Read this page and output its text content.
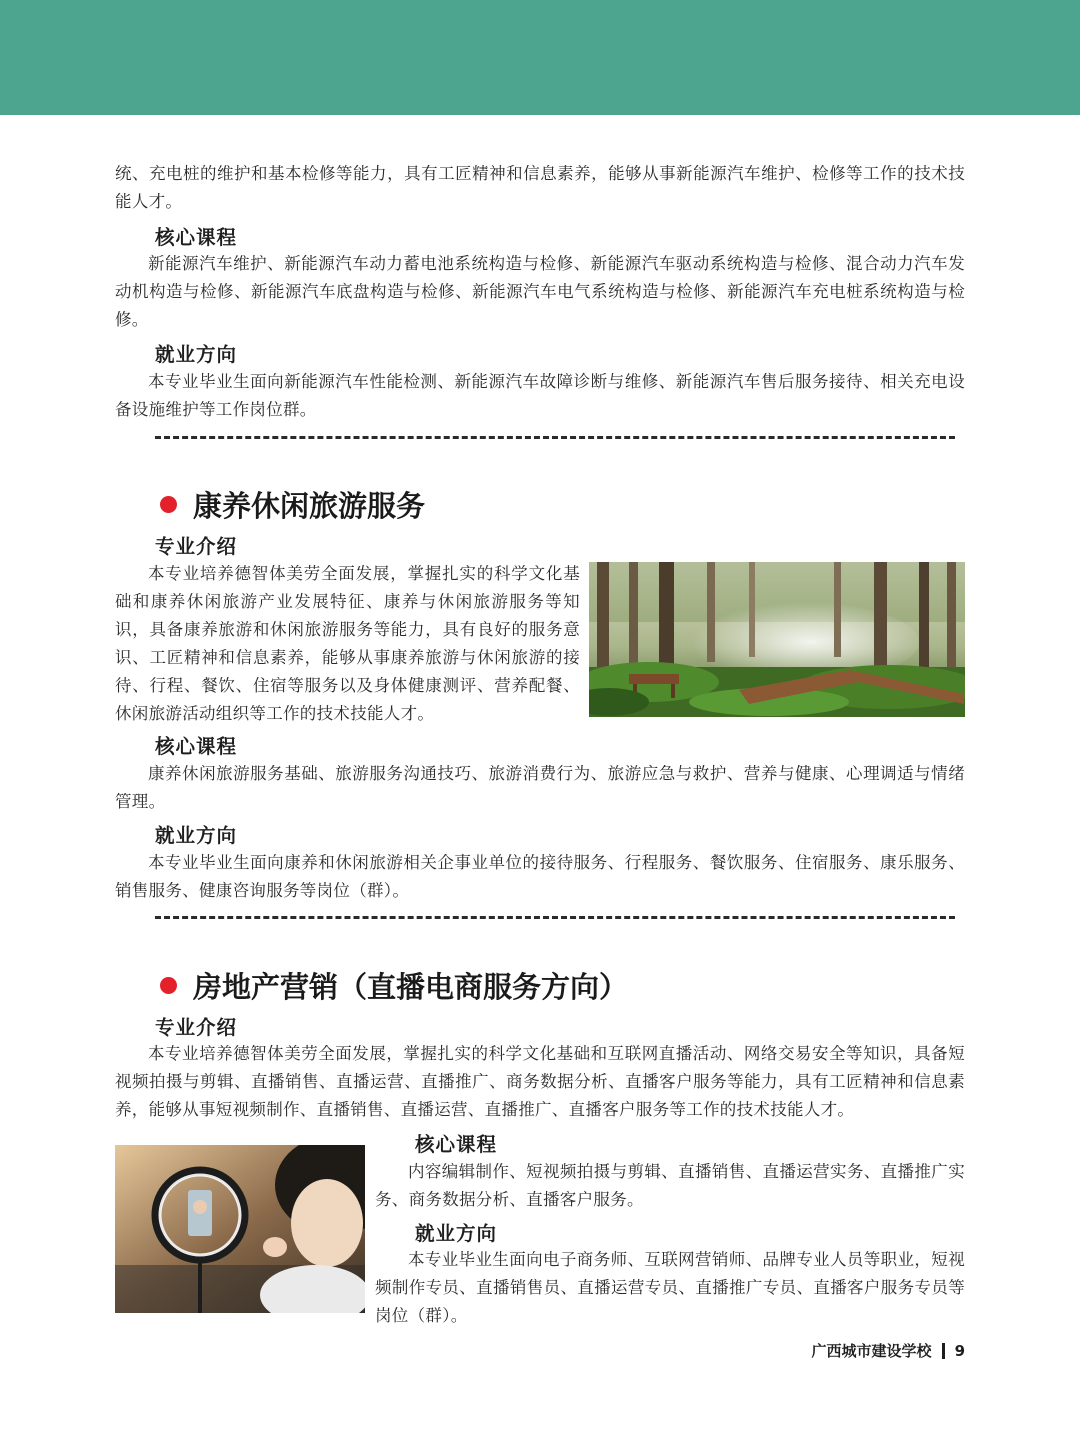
统、充电桩的维护和基本检修等能力，具有工匠精神和信息素养，能够从事新能源汽车维护、检修等工作的技术技能人才。

核心课程

新能源汽车维护、新能源汽车动力蓄电池系统构造与检修、新能源汽车驱动系统构造与检修、混合动力汽车发动机构造与检修、新能源汽车底盘构造与检修、新能源汽车电气系统构造与检修、新能源汽车充电桩系统构造与检修。

就业方向

本专业毕业生面向新能源汽车性能检测、新能源汽车故障诊断与维修、新能源汽车售后服务接待、相关充电设备设施维护等工作岗位群。

康养休闲旅游服务
专业介绍

本专业培养德智体美劳全面发展，掌握扎实的科学文化基础和康养休闲旅游产业发展特征、康养与休闲旅游服务等知识，具备康养旅游和休闲旅游服务等能力，具有良好的服务意识、工匠精神和信息素养，能够从事康养旅游与休闲旅游的接待、行程、餐饮、住宿等服务以及身体健康测评、营养配餐、休闲旅游活动组织等工作的技术技能人才。

核心课程

康养休闲旅游服务基础、旅游服务沟通技巧、旅游消费行为、旅游应急与救护、营养与健康、心理调适与情绪管理。

就业方向

本专业毕业生面向康养和休闲旅游相关企事业单位的接待服务、行程服务、餐饮服务、住宿服务、康乐服务、销售服务、健康咨询服务等岗位（群）。

房地产营销（直播电商服务方向）
专业介绍

本专业培养德智体美劳全面发展，掌握扎实的科学文化基础和互联网直播活动、网络交易安全等知识，具备短视频拍摄与剪辑、直播销售、直播运营、直播推广、商务数据分析、直播客户服务等能力，具有工匠精神和信息素养，能够从事短视频制作、直播销售、直播运营、直播推广、直播客户服务等工作的技术技能人才。

核心课程

内容编辑制作、短视频拍摄与剪辑、直播销售、直播运营实务、直播推广实务、商务数据分析、直播客户服务。

就业方向

本专业毕业生面向电子商务师、互联网营销师、品牌专业人员等职业，短视频制作专员、直播销售员、直播运营专员、直播推广专员、直播客户服务专员等岗位（群）。

广西城市建设学校 9
